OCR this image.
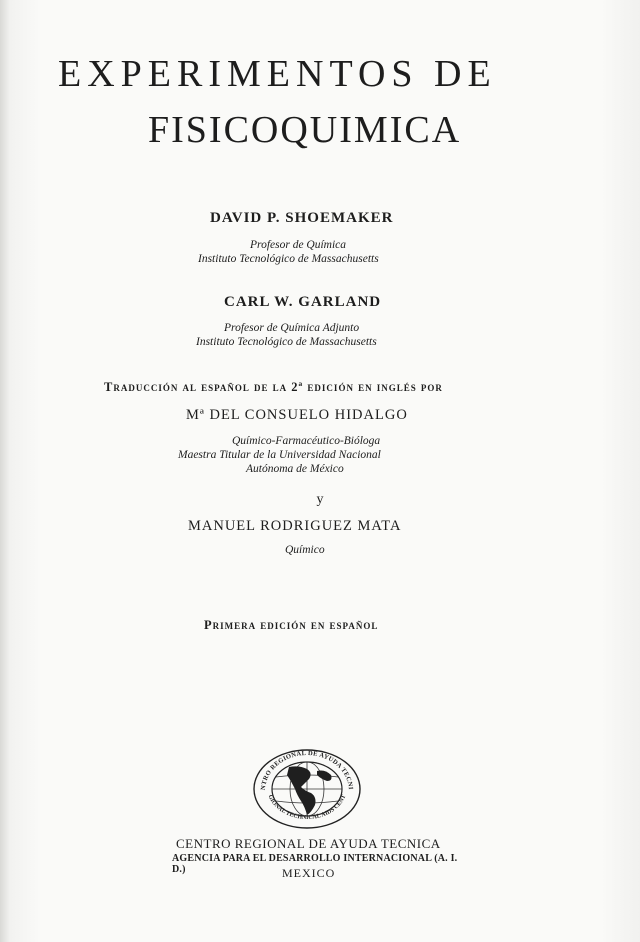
EXPERIMENTOS DE
FISICOQUIMICA
DAVID P. SHOEMAKER
Profesor de Química
Instituto Tecnológico de Massachusetts
CARL W. GARLAND
Profesor de Química Adjunto
Instituto Tecnológico de Massachusetts
Traducción al español de la 2ª edición en inglés por
Mª DEL CONSUELO HIDALGO
Químico-Farmacéutico-Bióloga
Maestra Titular de la Universidad Nacional
Autónoma de México
y
MANUEL RODRIGUEZ MATA
Químico
Primera edición en español
NTRO REGIONAL DE AYUDA TECNI
GIONAL TECHNICAL AIDS CENT
CENTRO REGIONAL DE AYUDA TECNICA
AGENCIA PARA EL DESARROLLO INTERNACIONAL (A. I. D.)	MEXICO
